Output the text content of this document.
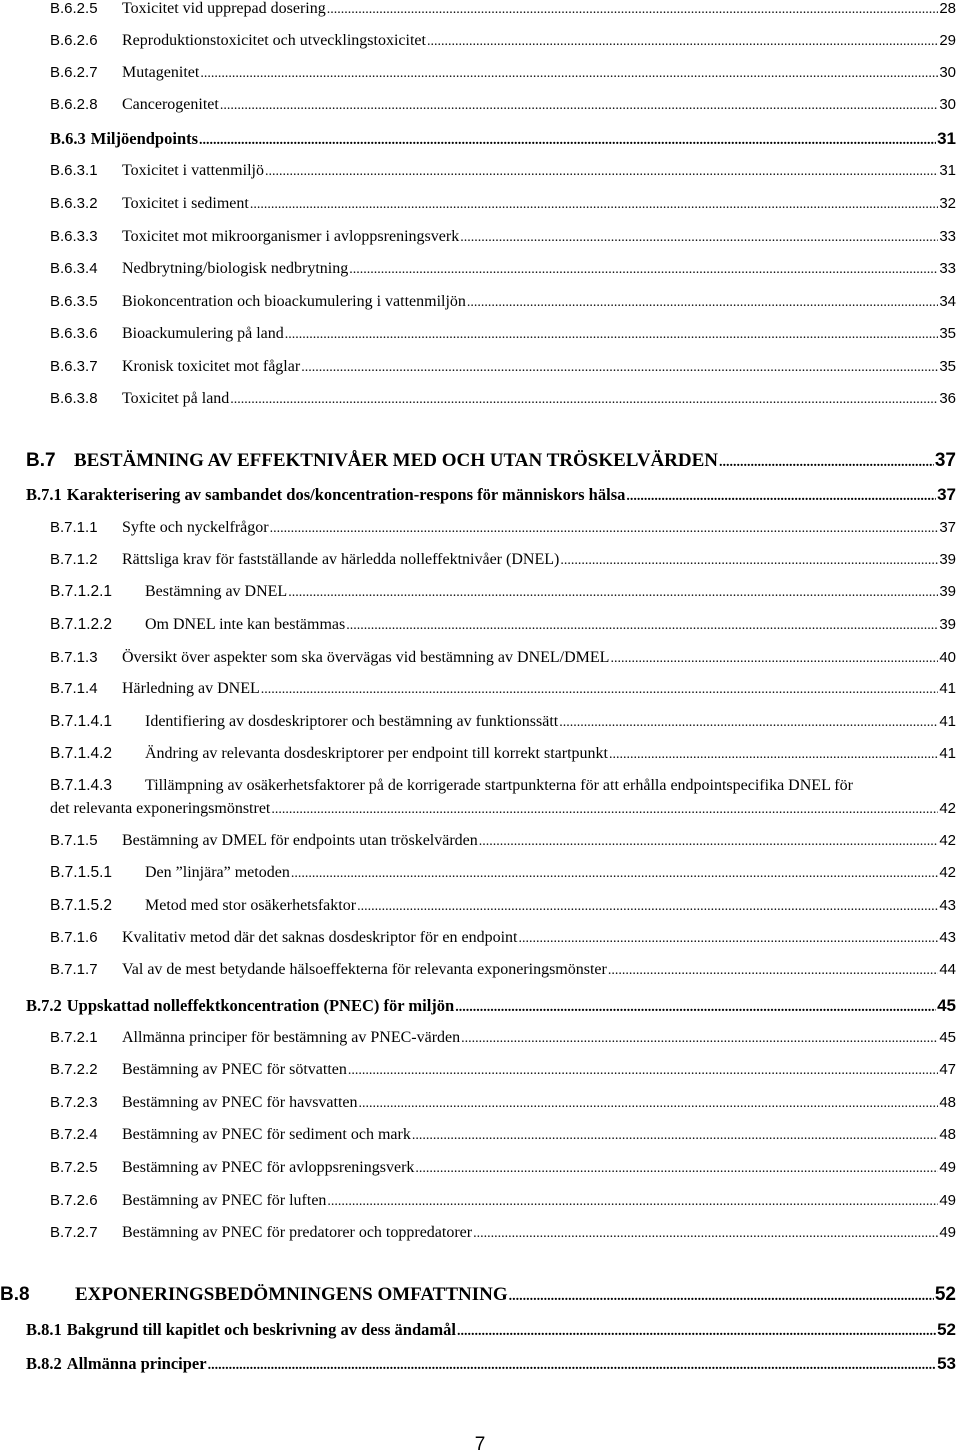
B.6.2.5	Toxicitet vid upprepad dosering .....	28
B.6.2.6	Reproduktionstoxicitet och utvecklingstoxicitet .....	29
B.6.2.7	Mutagenitet .....	30
B.6.2.8	Cancerogenitet .....	30
B.6.3 Miljöendpoints .....	31
B.6.3.1	Toxicitet i vattenmiljö .....	31
B.6.3.2	Toxicitet i sediment .....	32
B.6.3.3	Toxicitet mot mikroorganismer i avloppsreningsverk .....	33
B.6.3.4	Nedbrytning/biologisk nedbrytning .....	33
B.6.3.5	Biokoncentration och bioackumulering i vattenmiljön .....	34
B.6.3.6	Bioackumulering på land .....	35
B.6.3.7	Kronisk toxicitet mot fåglar .....	35
B.6.3.8	Toxicitet på land .....	36
B.7 BESTÄMNING AV EFFEKTNIVÅER MED OCH UTAN TRÖSKELVÄRDEN .....	37
B.7.1 Karakterisering av sambandet dos/koncentration-respons för människors hälsa .....	37
B.7.1.1	Syfte och nyckelfrågor .....	37
B.7.1.2	Rättsliga krav för fastställande av härledda nolleffektnivåer (DNEL) .....	39
B.7.1.2.1	Bestämning av DNEL .....	39
B.7.1.2.2	Om DNEL inte kan bestämmas .....	39
B.7.1.3	Översikt över aspekter som ska övervägas vid bestämning av DNEL/DMEL .....	40
B.7.1.4	Härledning av DNEL .....	41
B.7.1.4.1	Identifiering av dosdeskriptorer och bestämning av funktionssätt .....	41
B.7.1.4.2	Ändring av relevanta dosdeskriptorer per endpoint till korrekt startpunkt .....	41
B.7.1.4.3	Tillämpning av osäkerhetsfaktorer på de korrigerade startpunkterna för att erhålla endpointspecifika DNEL för
det relevanta exponeringsmönstret .....	42
B.7.1.5	Bestämning av DMEL för endpoints utan tröskelvärden .....	42
B.7.1.5.1	Den ”linjära” metoden .....	42
B.7.1.5.2	Metod med stor osäkerhetsfaktor .....	43
B.7.1.6	Kvalitativ metod där det saknas dosdeskriptor för en endpoint .....	43
B.7.1.7	Val av de mest betydande hälsoeffekterna för relevanta exponeringsmönster .....	44
B.7.2 Uppskattad nolleffektkoncentration (PNEC) för miljön .....	45
B.7.2.1	Allmänna principer för bestämning av PNEC-värden .....	45
B.7.2.2	Bestämning av PNEC för sötvatten .....	47
B.7.2.3	Bestämning av PNEC för havsvatten .....	48
B.7.2.4	Bestämning av PNEC för sediment och mark .....	48
B.7.2.5	Bestämning av PNEC för avloppsreningsverk .....	49
B.7.2.6	Bestämning av PNEC för luften .....	49
B.7.2.7	Bestämning av PNEC för predatorer och toppredatorer .....	49
B.8	EXPONERINGSBEDÖMNINGENS OMFATTNING .....	52
B.8.1 Bakgrund till kapitlet och beskrivning av dess ändamål .....	52
B.8.2 Allmänna principer .....	53
7
